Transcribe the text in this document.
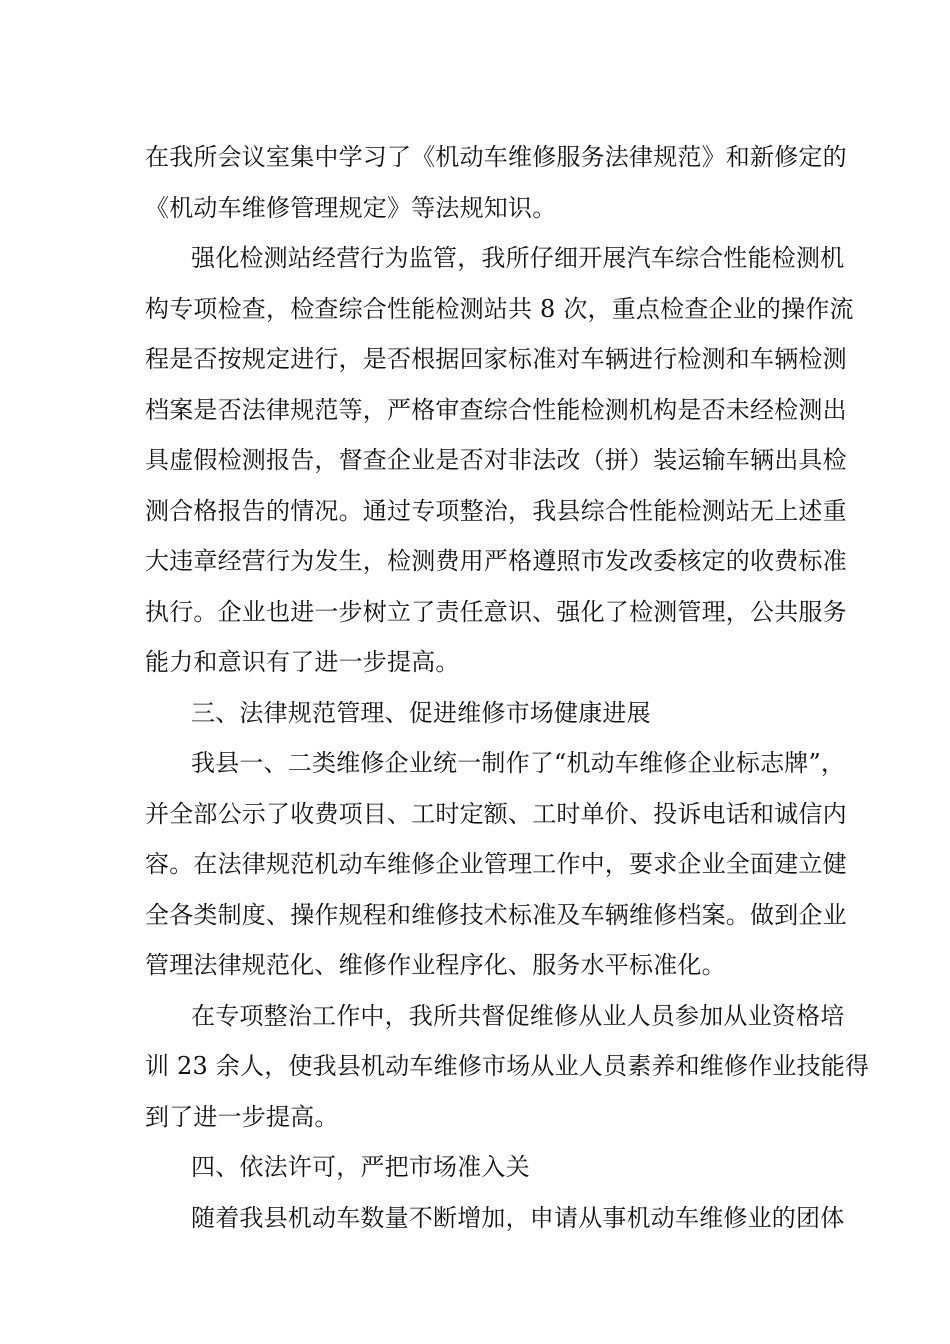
在我所会议室集中学习了《机动车维修服务法律规范》和新修定的
《机动车维修管理规定》等法规知识。
强化检测站经营行为监管，我所仔细开展汽车综合性能检测机
构专项检查，检查综合性能检测站共 8 次，重点检查企业的操作流
程是否按规定进行，是否根据回家标准对车辆进行检测和车辆检测
档案是否法律规范等，严格审查综合性能检测机构是否未经检测出
具虚假检测报告，督查企业是否对非法改（拼）装运输车辆出具检
测合格报告的情况。通过专项整治，我县综合性能检测站无上述重
大违章经营行为发生，检测费用严格遵照市发改委核定的收费标准
执行。企业也进一步树立了责任意识、强化了检测管理，公共服务
能力和意识有了进一步提高。
三、法律规范管理、促进维修市场健康进展
我县一、二类维修企业统一制作了“机动车维修企业标志牌”，
并全部公示了收费项目、工时定额、工时单价、投诉电话和诚信内
容。在法律规范机动车维修企业管理工作中，要求企业全面建立健
全各类制度、操作规程和维修技术标准及车辆维修档案。做到企业
管理法律规范化、维修作业程序化、服务水平标准化。
在专项整治工作中，我所共督促维修从业人员参加从业资格培
训 23 余人，使我县机动车维修市场从业人员素养和维修作业技能得
到了进一步提高。
四、依法许可，严把市场准入关
随着我县机动车数量不断增加，申请从事机动车维修业的团体
